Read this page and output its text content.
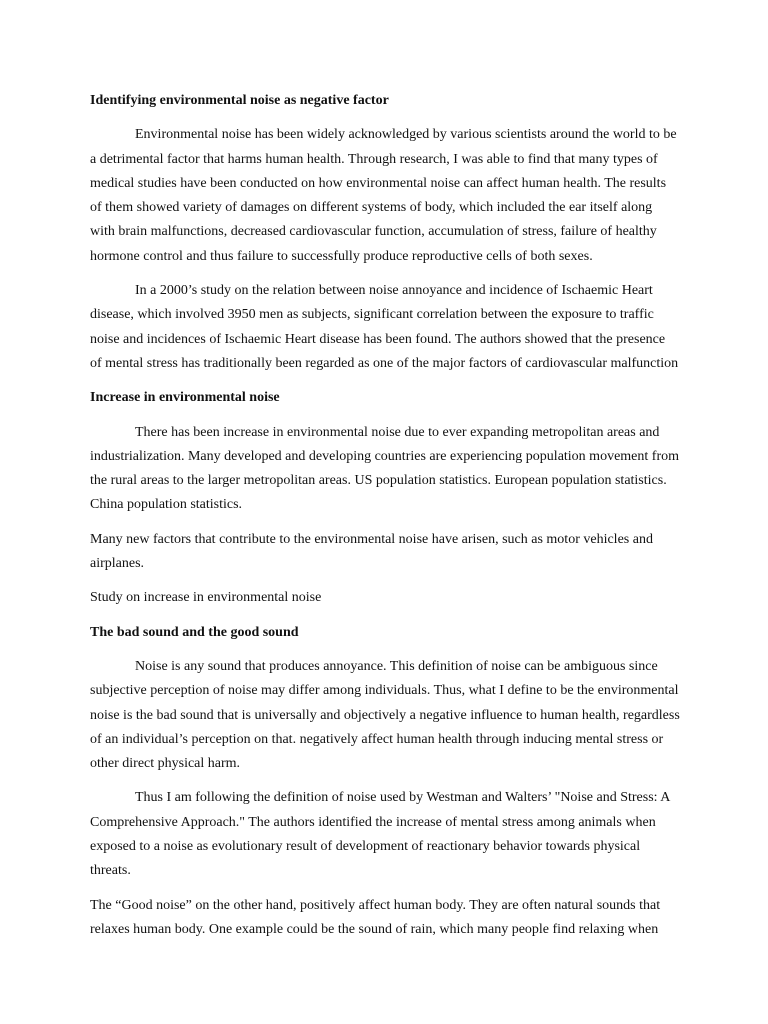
Identifying environmental noise as negative factor

Environmental noise has been widely acknowledged by various scientists around the world to be a detrimental factor that harms human health. Through research, I was able to find that many types of medical studies have been conducted on how environmental noise can affect human health. The results of them showed variety of damages on different systems of body, which included the ear itself along with brain malfunctions, decreased cardiovascular function, accumulation of stress, failure of healthy hormone control and thus failure to successfully produce reproductive cells of both sexes.

In a 2000’s study on the relation between noise annoyance and incidence of Ischaemic Heart disease, which involved 3950 men as subjects, significant correlation between the exposure to traffic noise and incidences of Ischaemic Heart disease has been found. The authors showed that the presence of mental stress has traditionally been regarded as one of the major factors of cardiovascular malfunction

Increase in environmental noise

There has been increase in environmental noise due to ever expanding metropolitan areas and industrialization. Many developed and developing countries are experiencing population movement from the rural areas to the larger metropolitan areas. US population statistics. European population statistics. China population statistics.

Many new factors that contribute to the environmental noise have arisen, such as motor vehicles and airplanes.

Study on increase in environmental noise

The bad sound and the good sound

Noise is any sound that produces annoyance. This definition of noise can be ambiguous since subjective perception of noise may differ among individuals. Thus, what I define to be the environmental noise is the bad sound that is universally and objectively a negative influence to human health, regardless of an individual’s perception on that. negatively affect human health through inducing mental stress or other direct physical harm.

Thus I am following the definition of noise used by Westman and Walters’ "Noise and Stress: A Comprehensive Approach." The authors identified the increase of mental stress among animals when exposed to a noise as evolutionary result of development of reactionary behavior towards physical threats.

The “Good noise” on the other hand, positively affect human body. They are often natural sounds that relaxes human body. One example could be the sound of rain, which many people find relaxing when
